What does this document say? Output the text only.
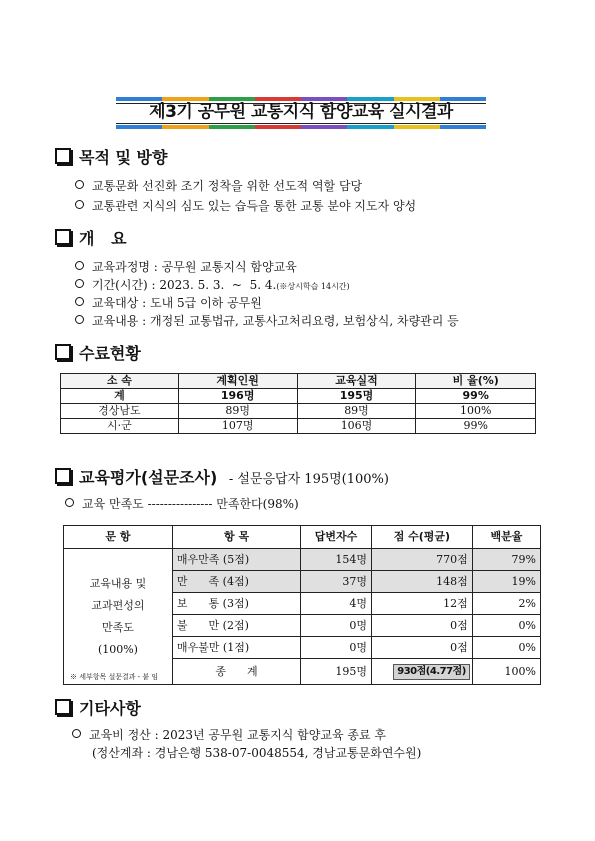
제3기 공무원 교통지식 함양교육 실시결과
목적 및 방향
교통문화 선진화 조기 정착을 위한 선도적 역할 담당
교통관련 지식의 심도 있는 습득을 통한 교통 분야 지도자 양성
개   요
교육과정명 : 공무원 교통지식 함양교육
기간(시간) : 2023. 5. 3.  ~  5. 4.(※상시학습 14시간)
교육대상 : 도내 5급 이하 공무원
교육내용 : 개정된 교통법규, 교통사고처리요령, 보험상식, 차량관리 등
수료현황
소 속	계획인원	교육실적	비 율(%)
계	196명	195명	99%
경상남도	89명	89명	100%
시·군	107명	106명	99%
교육평가(설문조사) - 설문응답자 195명(100%)
교육 만족도 ---------------- 만족한다(98%)
문 항	항 목	답변자수	점 수(평균)	백분율

교육내용 및
교과편성의
만족도
(100%)	매우만족 (5점)	154명	770점	79%
	만      족 (4점)	37명	148점	19%
	보      통 (3점)	4명	12점	2%
	불      만 (2점)	0명	0점	0%
	매우불만 (1점)	0명	0점	0%
	종      계	195명	930점(4.77점)	100%
※ 세부항목 설문결과 - 붙 임
기타사항
교육비 정산 : 2023년 공무원 교통지식 함양교육 종료 후
(정산계좌 : 경남은행 538-07-0048554, 경남교통문화연수원)
